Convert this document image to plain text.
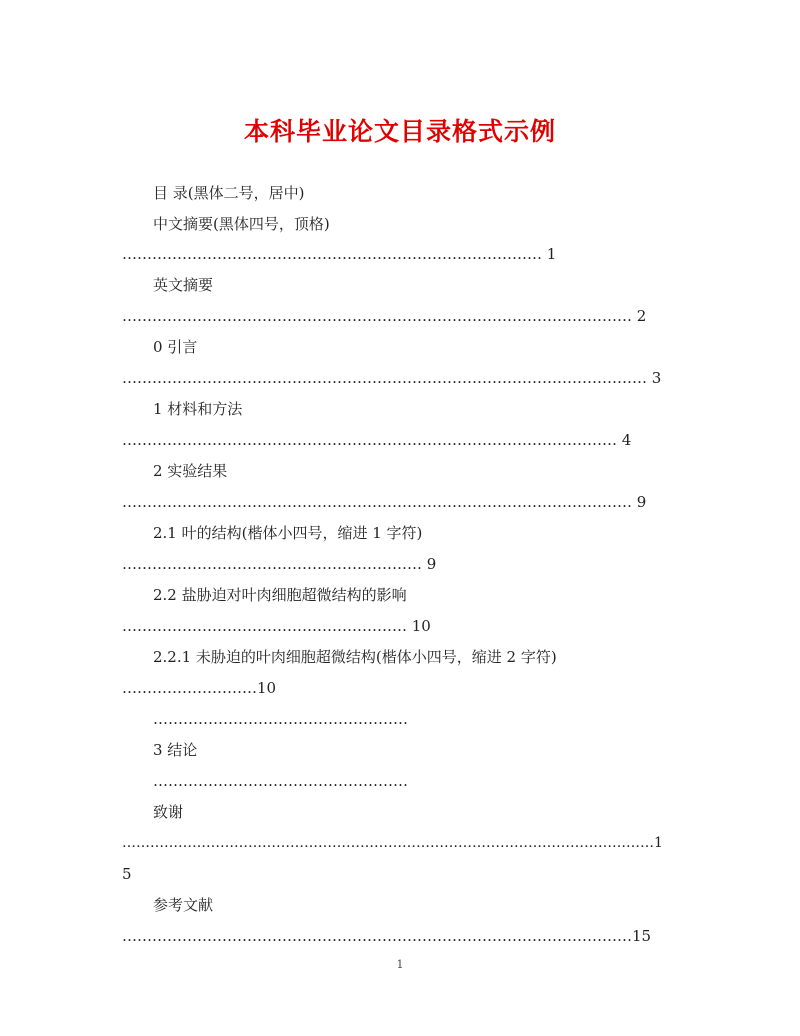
本科毕业论文目录格式示例
目 录(黑体二号，居中)
中文摘要(黑体四号，顶格)
………………………………………………………………………… 1
英文摘要
………………………………………………………………………………………… 2
0 引言
…………………………………………………………………………………………… 3
1 材料和方法
……………………………………………………………………………………… 4
2 实验结果
………………………………………………………………………………………… 9
2.1 叶的结构(楷体小四号，缩进 1 字符)
…………………………………………………… 9
2.2 盐胁迫对叶肉细胞超微结构的影响
………………………………………………… 10
2.2.1 未胁迫的叶肉细胞超微结构(楷体小四号，缩进 2 字符)
………………………10
……………………………………………
3 结论
……………………………………………
致谢
……………………………………………………………………………………………………1
5
参考文献
…………………………………………………………………………………………15
1
